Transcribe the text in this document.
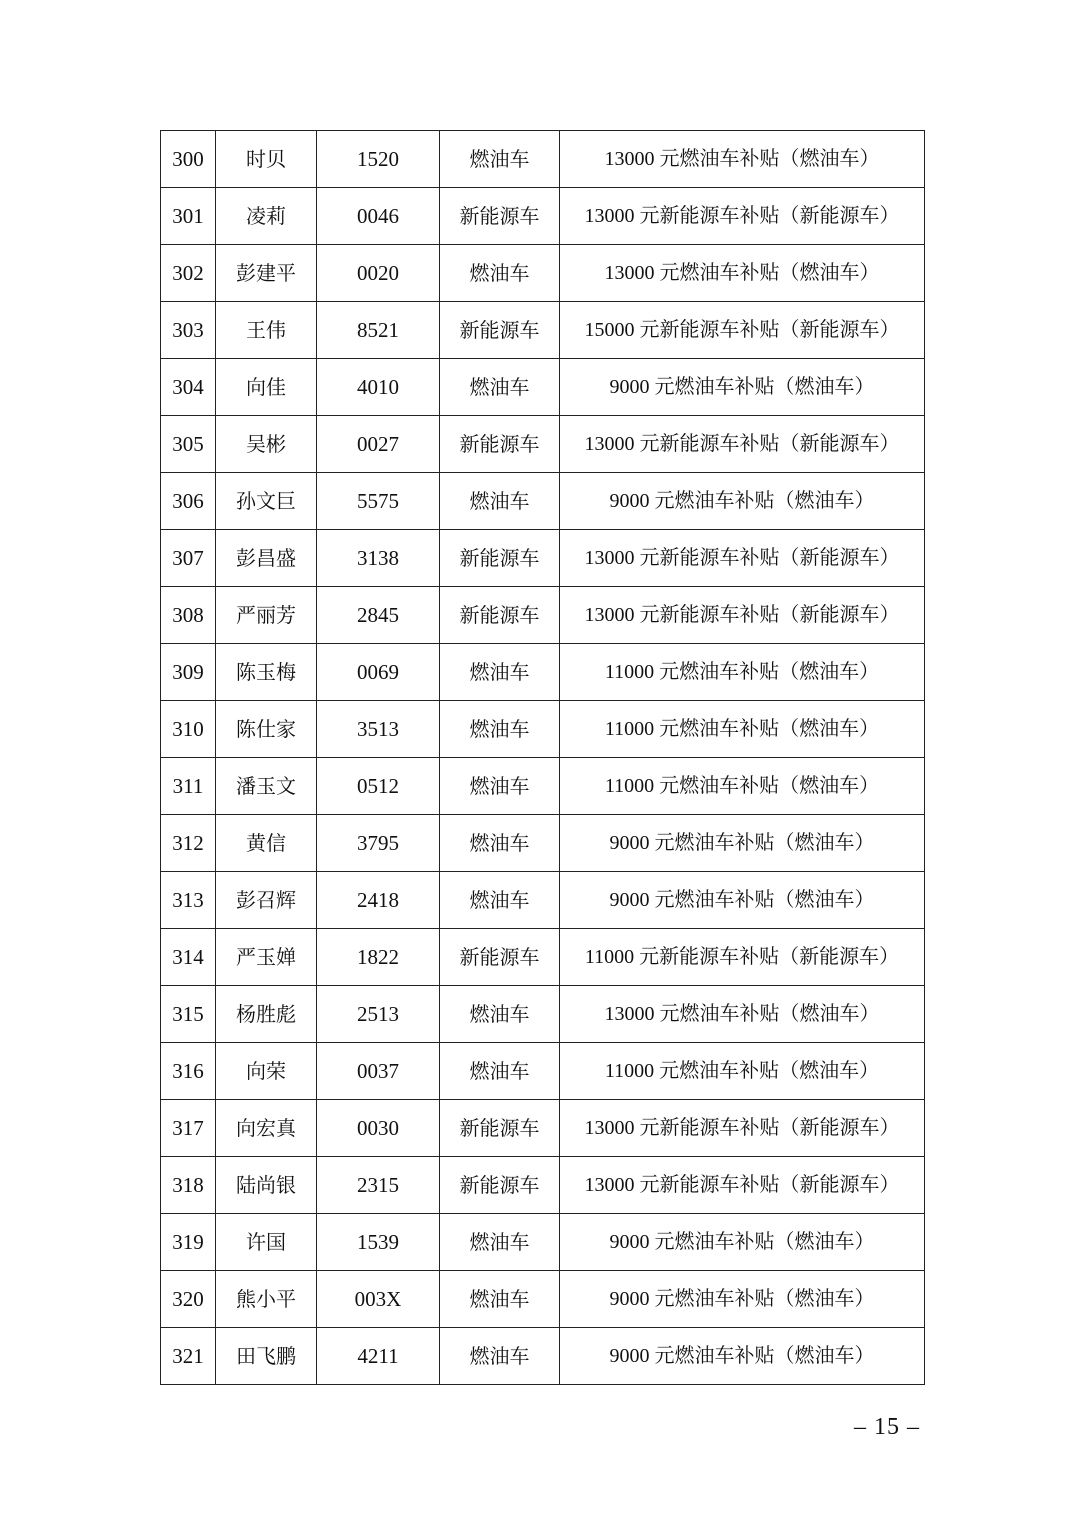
300	时贝	1520	燃油车	13000 元燃油车补贴（燃油车）
301	凌莉	0046	新能源车	13000 元新能源车补贴（新能源车）
302	彭建平	0020	燃油车	13000 元燃油车补贴（燃油车）
303	王伟	8521	新能源车	15000 元新能源车补贴（新能源车）
304	向佳	4010	燃油车	9000 元燃油车补贴（燃油车）
305	吴彬	0027	新能源车	13000 元新能源车补贴（新能源车）
306	孙文巨	5575	燃油车	9000 元燃油车补贴（燃油车）
307	彭昌盛	3138	新能源车	13000 元新能源车补贴（新能源车）
308	严丽芳	2845	新能源车	13000 元新能源车补贴（新能源车）
309	陈玉梅	0069	燃油车	11000 元燃油车补贴（燃油车）
310	陈仕家	3513	燃油车	11000 元燃油车补贴（燃油车）
311	潘玉文	0512	燃油车	11000 元燃油车补贴（燃油车）
312	黄信	3795	燃油车	9000 元燃油车补贴（燃油车）
313	彭召辉	2418	燃油车	9000 元燃油车补贴（燃油车）
314	严玉婵	1822	新能源车	11000 元新能源车补贴（新能源车）
315	杨胜彪	2513	燃油车	13000 元燃油车补贴（燃油车）
316	向荣	0037	燃油车	11000 元燃油车补贴（燃油车）
317	向宏真	0030	新能源车	13000 元新能源车补贴（新能源车）
318	陆尚银	2315	新能源车	13000 元新能源车补贴（新能源车）
319	许国	1539	燃油车	9000 元燃油车补贴（燃油车）
320	熊小平	003X	燃油车	9000 元燃油车补贴（燃油车）
321	田飞鹏	4211	燃油车	9000 元燃油车补贴（燃油车）
– 15 –
